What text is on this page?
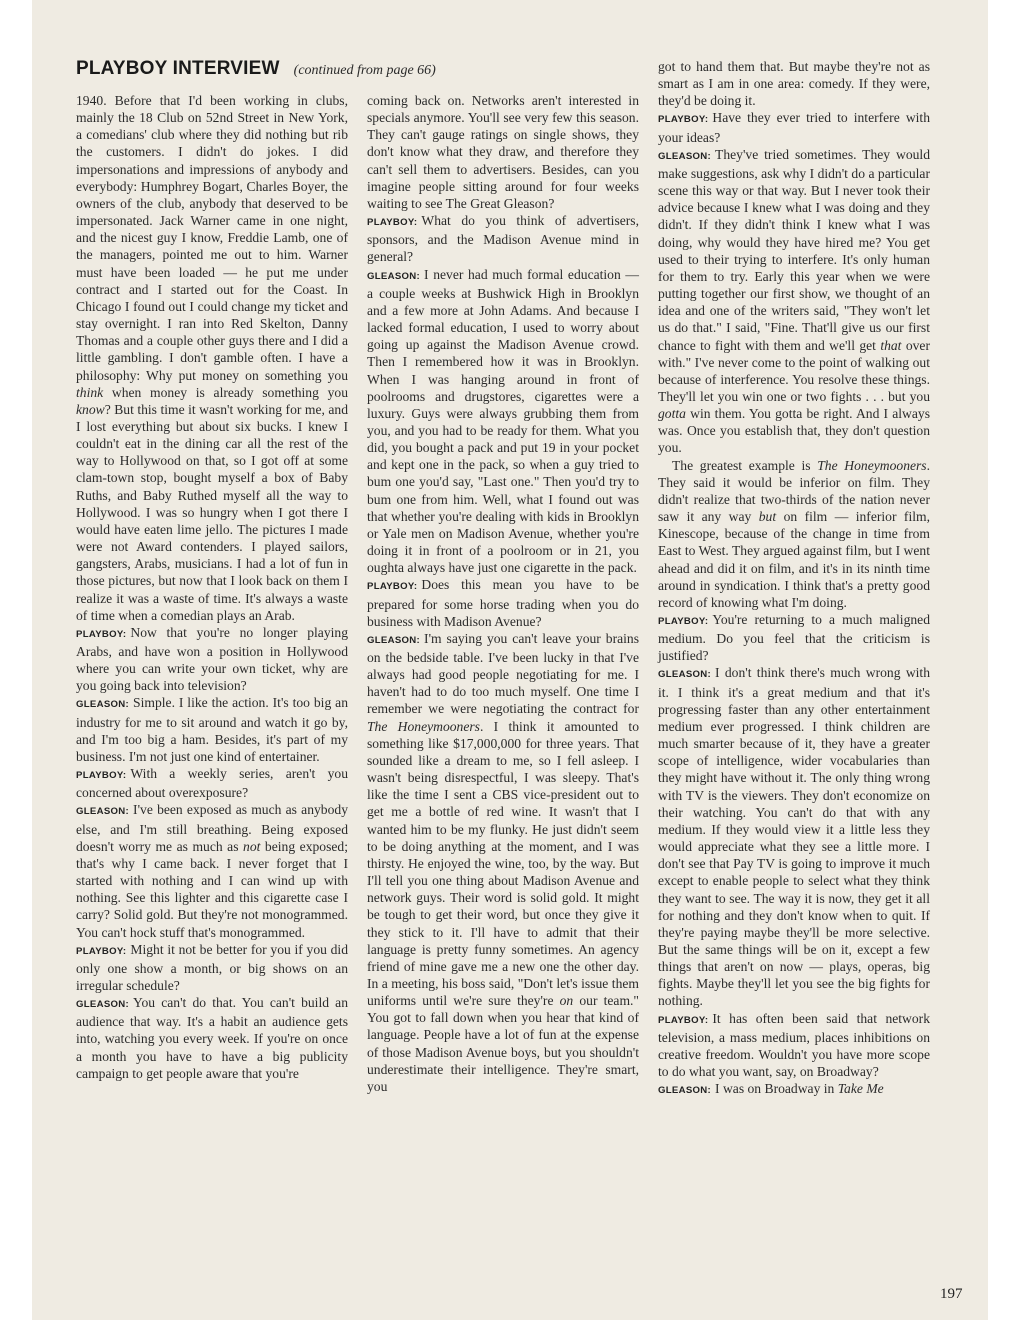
PLAYBOY INTERVIEW (continued from page 66)

1940. Before that I'd been working in clubs, mainly the 18 Club on 52nd Street in New York, a comedians' club where they did nothing but rib the customers. I didn't do jokes. I did impersonations and impressions of anybody and everybody: Humphrey Bogart, Charles Boyer, the owners of the club, anybody that deserved to be impersonated. Jack Warner came in one night, and the nicest guy I know, Freddie Lamb, one of the managers, pointed me out to him. Warner must have been loaded — he put me under contract and I started out for the Coast. In Chicago I found out I could change my ticket and stay overnight. I ran into Red Skelton, Danny Thomas and a couple other guys there and I did a little gambling. I don't gamble often. I have a philosophy: Why put money on something you think when money is already something you know? But this time it wasn't working for me, and I lost everything but about six bucks. I knew I couldn't eat in the dining car all the rest of the way to Hollywood on that, so I got off at some clam-town stop, bought myself a box of Baby Ruths, and Baby Ruthed myself all the way to Hollywood. I was so hungry when I got there I would have eaten lime jello. The pictures I made were not Award contenders. I played sailors, gangsters, Arabs, musicians. I had a lot of fun in those pictures, but now that I look back on them I realize it was a waste of time. It's always a waste of time when a comedian plays an Arab.

PLAYBOY: Now that you're no longer playing Arabs, and have won a position in Hollywood where you can write your own ticket, why are you going back into television?

GLEASON: Simple. I like the action. It's too big an industry for me to sit around and watch it go by, and I'm too big a ham. Besides, it's part of my business. I'm not just one kind of entertainer.

PLAYBOY: With a weekly series, aren't you concerned about overexposure?

GLEASON: I've been exposed as much as anybody else, and I'm still breathing. Being exposed doesn't worry me as much as not being exposed; that's why I came back. I never forget that I started with nothing and I can wind up with nothing. See this lighter and this cigarette case I carry? Solid gold. But they're not monogrammed. You can't hock stuff that's monogrammed.

PLAYBOY: Might it not be better for you if you did only one show a month, or big shows on an irregular schedule?

GLEASON: You can't do that. You can't build an audience that way. It's a habit an audience gets into, watching you every week. If you're on once a month you have to have a big publicity campaign to get people aware that you're

coming back on. Networks aren't interested in specials anymore. You'll see very few this season. They can't gauge ratings on single shows, they don't know what they draw, and therefore they can't sell them to advertisers. Besides, can you imagine people sitting around for four weeks waiting to see The Great Gleason?

PLAYBOY: What do you think of advertisers, sponsors, and the Madison Avenue mind in general?

GLEASON: I never had much formal education — a couple weeks at Bushwick High in Brooklyn and a few more at John Adams. And because I lacked formal education, I used to worry about going up against the Madison Avenue crowd. Then I remembered how it was in Brooklyn. When I was hanging around in front of poolrooms and drugstores, cigarettes were a luxury. Guys were always grubbing them from you, and you had to be ready for them. What you did, you bought a pack and put 19 in your pocket and kept one in the pack, so when a guy tried to bum one you'd say, "Last one." Then you'd try to bum one from him. Well, what I found out was that whether you're dealing with kids in Brooklyn or Yale men on Madison Avenue, whether you're doing it in front of a poolroom or in 21, you oughta always have just one cigarette in the pack.

PLAYBOY: Does this mean you have to be prepared for some horse trading when you do business with Madison Avenue?

GLEASON: I'm saying you can't leave your brains on the bedside table. I've been lucky in that I've always had good people negotiating for me. I haven't had to do too much myself. One time I remember we were negotiating the contract for The Honeymooners. I think it amounted to something like $17,000,000 for three years. That sounded like a dream to me, so I fell asleep. I wasn't being disrespectful, I was sleepy. That's like the time I sent a CBS vice-president out to get me a bottle of red wine. It wasn't that I wanted him to be my flunky. He just didn't seem to be doing anything at the moment, and I was thirsty. He enjoyed the wine, too, by the way. But I'll tell you one thing about Madison Avenue and network guys. Their word is solid gold. It might be tough to get their word, but once they give it they stick to it. I'll have to admit that their language is pretty funny sometimes. An agency friend of mine gave me a new one the other day. In a meeting, his boss said, "Don't let's issue them uniforms until we're sure they're on our team." You got to fall down when you hear that kind of language. People have a lot of fun at the expense of those Madison Avenue boys, but you shouldn't underestimate their intelligence. They're smart, you

got to hand them that. But maybe they're not as smart as I am in one area: comedy. If they were, they'd be doing it.

PLAYBOY: Have they ever tried to interfere with your ideas?

GLEASON: They've tried sometimes. They would make suggestions, ask why I didn't do a particular scene this way or that way. But I never took their advice because I knew what I was doing and they didn't. If they didn't think I knew what I was doing, why would they have hired me? You get used to their trying to interfere. It's only human for them to try. Early this year when we were putting together our first show, we thought of an idea and one of the writers said, "They won't let us do that." I said, "Fine. That'll give us our first chance to fight with them and we'll get that over with." I've never come to the point of walking out because of interference. You resolve these things. They'll let you win one or two fights . . . but you gotta win them. You gotta be right. And I always was. Once you establish that, they don't question you.

The greatest example is The Honeymooners. They said it would be inferior on film. They didn't realize that two-thirds of the nation never saw it any way but on film — inferior film, Kinescope, because of the change in time from East to West. They argued against film, but I went ahead and did it on film, and it's in its ninth time around in syndication. I think that's a pretty good record of knowing what I'm doing.

PLAYBOY: You're returning to a much maligned medium. Do you feel that the criticism is justified?

GLEASON: I don't think there's much wrong with it. I think it's a great medium and that it's progressing faster than any other entertainment medium ever progressed. I think children are much smarter because of it, they have a greater scope of intelligence, wider vocabularies than they might have without it. The only thing wrong with TV is the viewers. They don't economize on their watching. You can't do that with any medium. If they would view it a little less they would appreciate what they see a little more. I don't see that Pay TV is going to improve it much except to enable people to select what they think they want to see. The way it is now, they get it all for nothing and they don't know when to quit. If they're paying maybe they'll be more selective. But the same things will be on it, except a few things that aren't on now — plays, operas, big fights. Maybe they'll let you see the big fights for nothing.

PLAYBOY: It has often been said that network television, a mass medium, places inhibitions on creative freedom. Wouldn't you have more scope to do what you want, say, on Broadway?

GLEASON: I was on Broadway in Take Me

197
